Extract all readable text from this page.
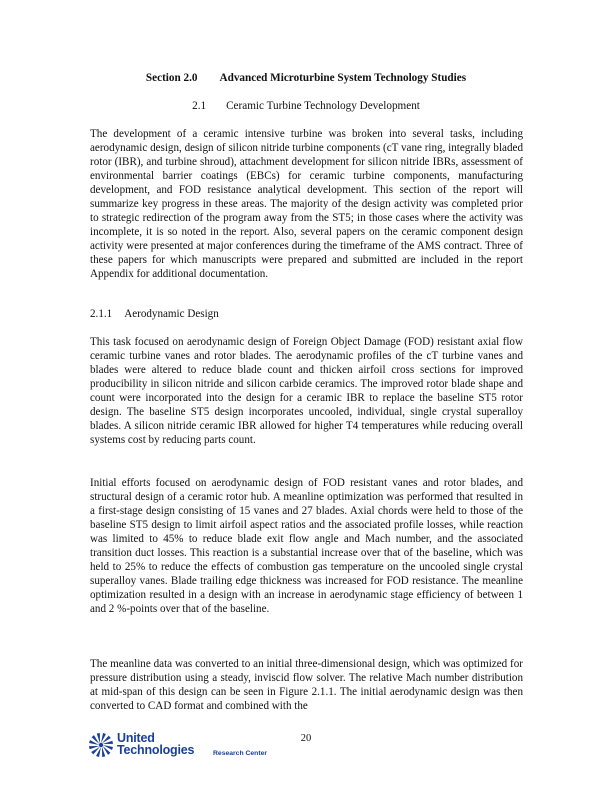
Section 2.0 Advanced Microturbine System Technology Studies
2.1 Ceramic Turbine Technology Development

The development of a ceramic intensive turbine was broken into several tasks, including aerodynamic design, design of silicon nitride turbine components (cT vane ring, integrally bladed rotor (IBR), and turbine shroud), attachment development for silicon nitride IBRs, assessment of environmental barrier coatings (EBCs) for ceramic turbine components, manufacturing development, and FOD resistance analytical development. This section of the report will summarize key progress in these areas. The majority of the design activity was completed prior to strategic redirection of the program away from the ST5; in those cases where the activity was incomplete, it is so noted in the report. Also, several papers on the ceramic component design activity were presented at major conferences during the timeframe of the AMS contract. Three of these papers for which manuscripts were prepared and submitted are included in the report Appendix for additional documentation.

2.1.1 Aerodynamic Design

This task focused on aerodynamic design of Foreign Object Damage (FOD) resistant axial flow ceramic turbine vanes and rotor blades. The aerodynamic profiles of the cT turbine vanes and blades were altered to reduce blade count and thicken airfoil cross sections for improved producibility in silicon nitride and silicon carbide ceramics. The improved rotor blade shape and count were incorporated into the design for a ceramic IBR to replace the baseline ST5 rotor design. The baseline ST5 design incorporates uncooled, individual, single crystal superalloy blades. A silicon nitride ceramic IBR allowed for higher T4 temperatures while reducing overall systems cost by reducing parts count.

Initial efforts focused on aerodynamic design of FOD resistant vanes and rotor blades, and structural design of a ceramic rotor hub. A meanline optimization was performed that resulted in a first-stage design consisting of 15 vanes and 27 blades. Axial chords were held to those of the baseline ST5 design to limit airfoil aspect ratios and the associated profile losses, while reaction was limited to 45% to reduce blade exit flow angle and Mach number, and the associated transition duct losses. This reaction is a substantial increase over that of the baseline, which was held to 25% to reduce the effects of combustion gas temperature on the uncooled single crystal superalloy vanes. Blade trailing edge thickness was increased for FOD resistance. The meanline optimization resulted in a design with an increase in aerodynamic stage efficiency of between 1 and 2 %-points over that of the baseline.

The meanline data was converted to an initial three-dimensional design, which was optimized for pressure distribution using a steady, inviscid flow solver. The relative Mach number distribution at mid-span of this design can be seen in Figure 2.1.1. The initial aerodynamic design was then converted to CAD format and combined with the

20
United
Technologies	Research Center
